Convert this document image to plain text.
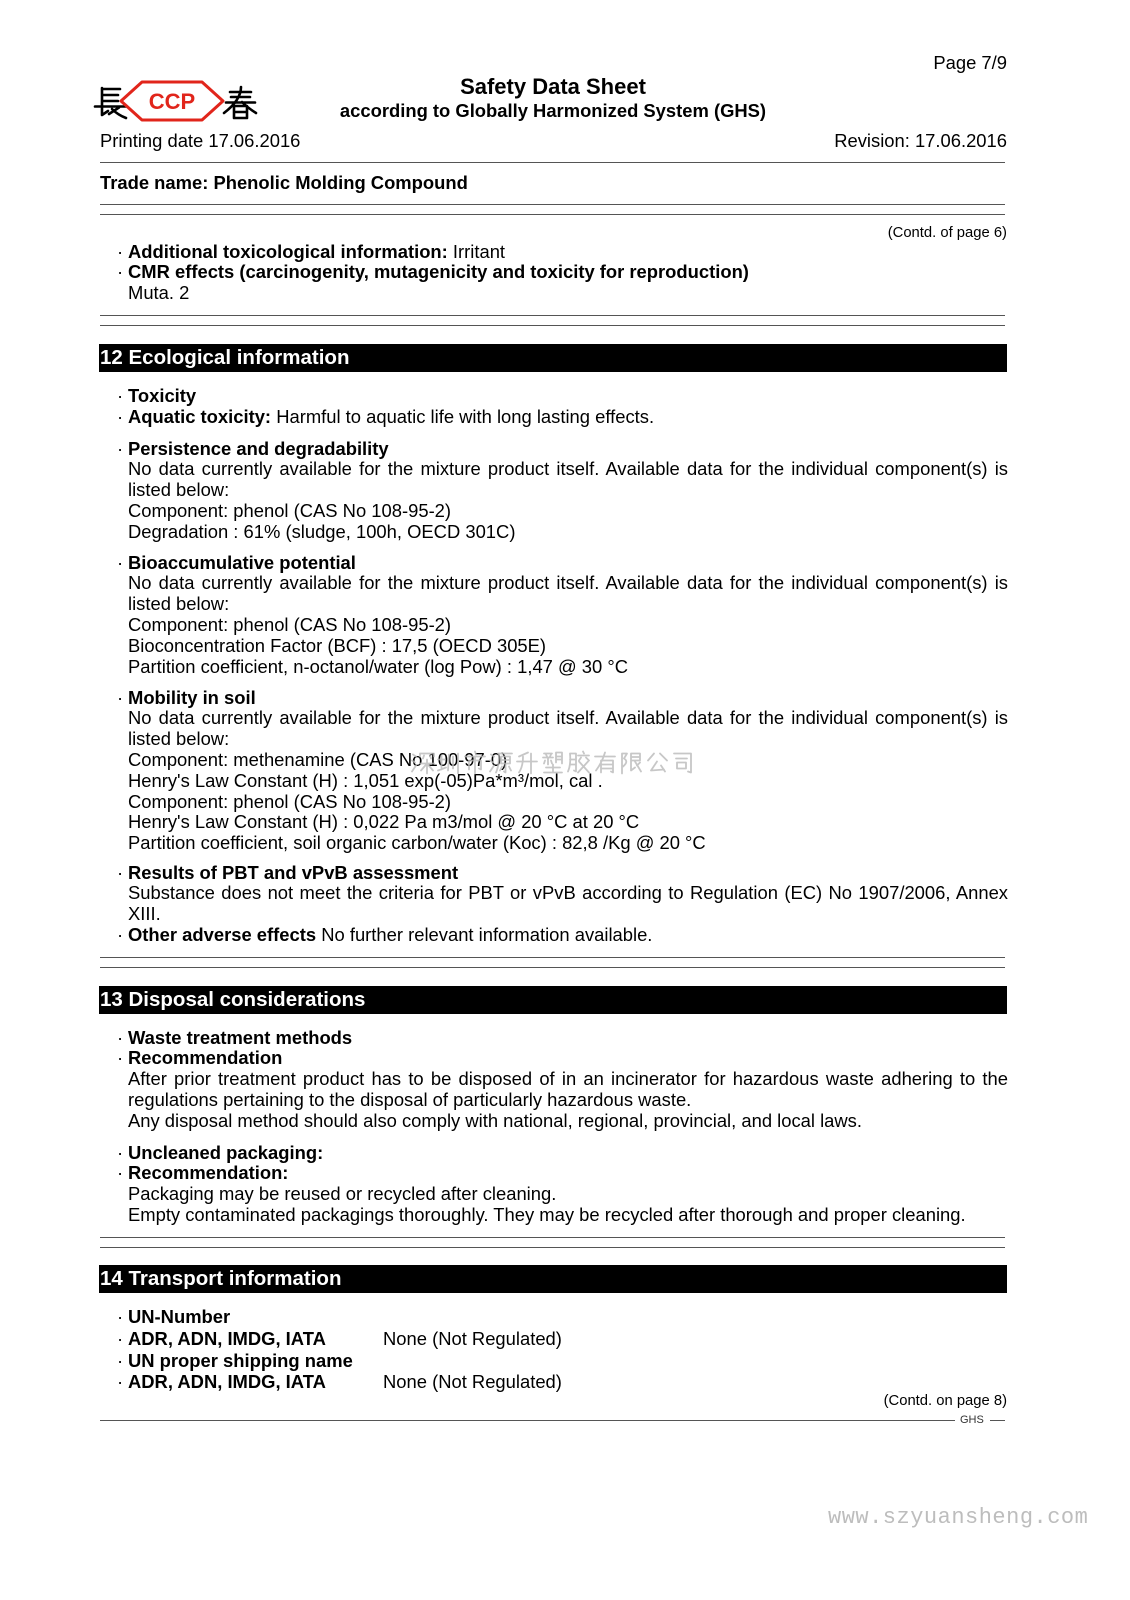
Page 7/9
CCP
Safety Data Sheet
according to Globally Harmonized System (GHS)
Printing date 17.06.2016	Revision: 17.06.2016
Trade name: Phenolic Molding Compound
(Contd. of page 6)
· Additional toxicological information: Irritant
· CMR effects (carcinogenity, mutagenicity and toxicity for reproduction)
Muta. 2
12 Ecological information
· Toxicity
· Aquatic toxicity: Harmful to aquatic life with long lasting effects.
· Persistence and degradability
No data currently available for the mixture product itself. Available data for the individual component(s) is
listed below:
Component: phenol (CAS No 108-95-2)
Degradation : 61% (sludge, 100h, OECD 301C)
· Bioaccumulative potential
No data currently available for the mixture product itself. Available data for the individual component(s) is
listed below:
Component: phenol (CAS No 108-95-2)
Bioconcentration Factor (BCF) : 17,5 (OECD 305E)
Partition coefficient, n-octanol/water (log Pow) : 1,47 @ 30 °C
· Mobility in soil
No data currently available for the mixture product itself. Available data for the individual component(s) is
listed below:
Component: methenamine (CAS No 100-97-0)
Henry's Law Constant (H) : 1,051 exp(-05)Pa*m³/mol, cal .
Component: phenol (CAS No 108-95-2)
Henry's Law Constant (H) : 0,022 Pa m3/mol @ 20 °C at 20 °C
Partition coefficient, soil organic carbon/water (Koc) : 82,8 /Kg @ 20 °C
· Results of PBT and vPvB assessment
Substance does not meet the criteria for PBT or vPvB according to Regulation (EC) No 1907/2006, Annex
XIII.
· Other adverse effects No further relevant information available.
13 Disposal considerations
· Waste treatment methods
· Recommendation
After prior treatment product has to be disposed of in an incinerator for hazardous waste adhering to the
regulations pertaining to the disposal of particularly hazardous waste.
Any disposal method should also comply with national, regional, provincial, and local laws.
· Uncleaned packaging:
· Recommendation:
Packaging may be reused or recycled after cleaning.
Empty contaminated packagings thoroughly. They may be recycled after thorough and proper cleaning.
14 Transport information
· UN-Number
· ADR, ADN, IMDG, IATA	None (Not Regulated)
· UN proper shipping name
· ADR, ADN, IMDG, IATA	None (Not Regulated)
(Contd. on page 8)
GHS
www.szyuansheng.com
